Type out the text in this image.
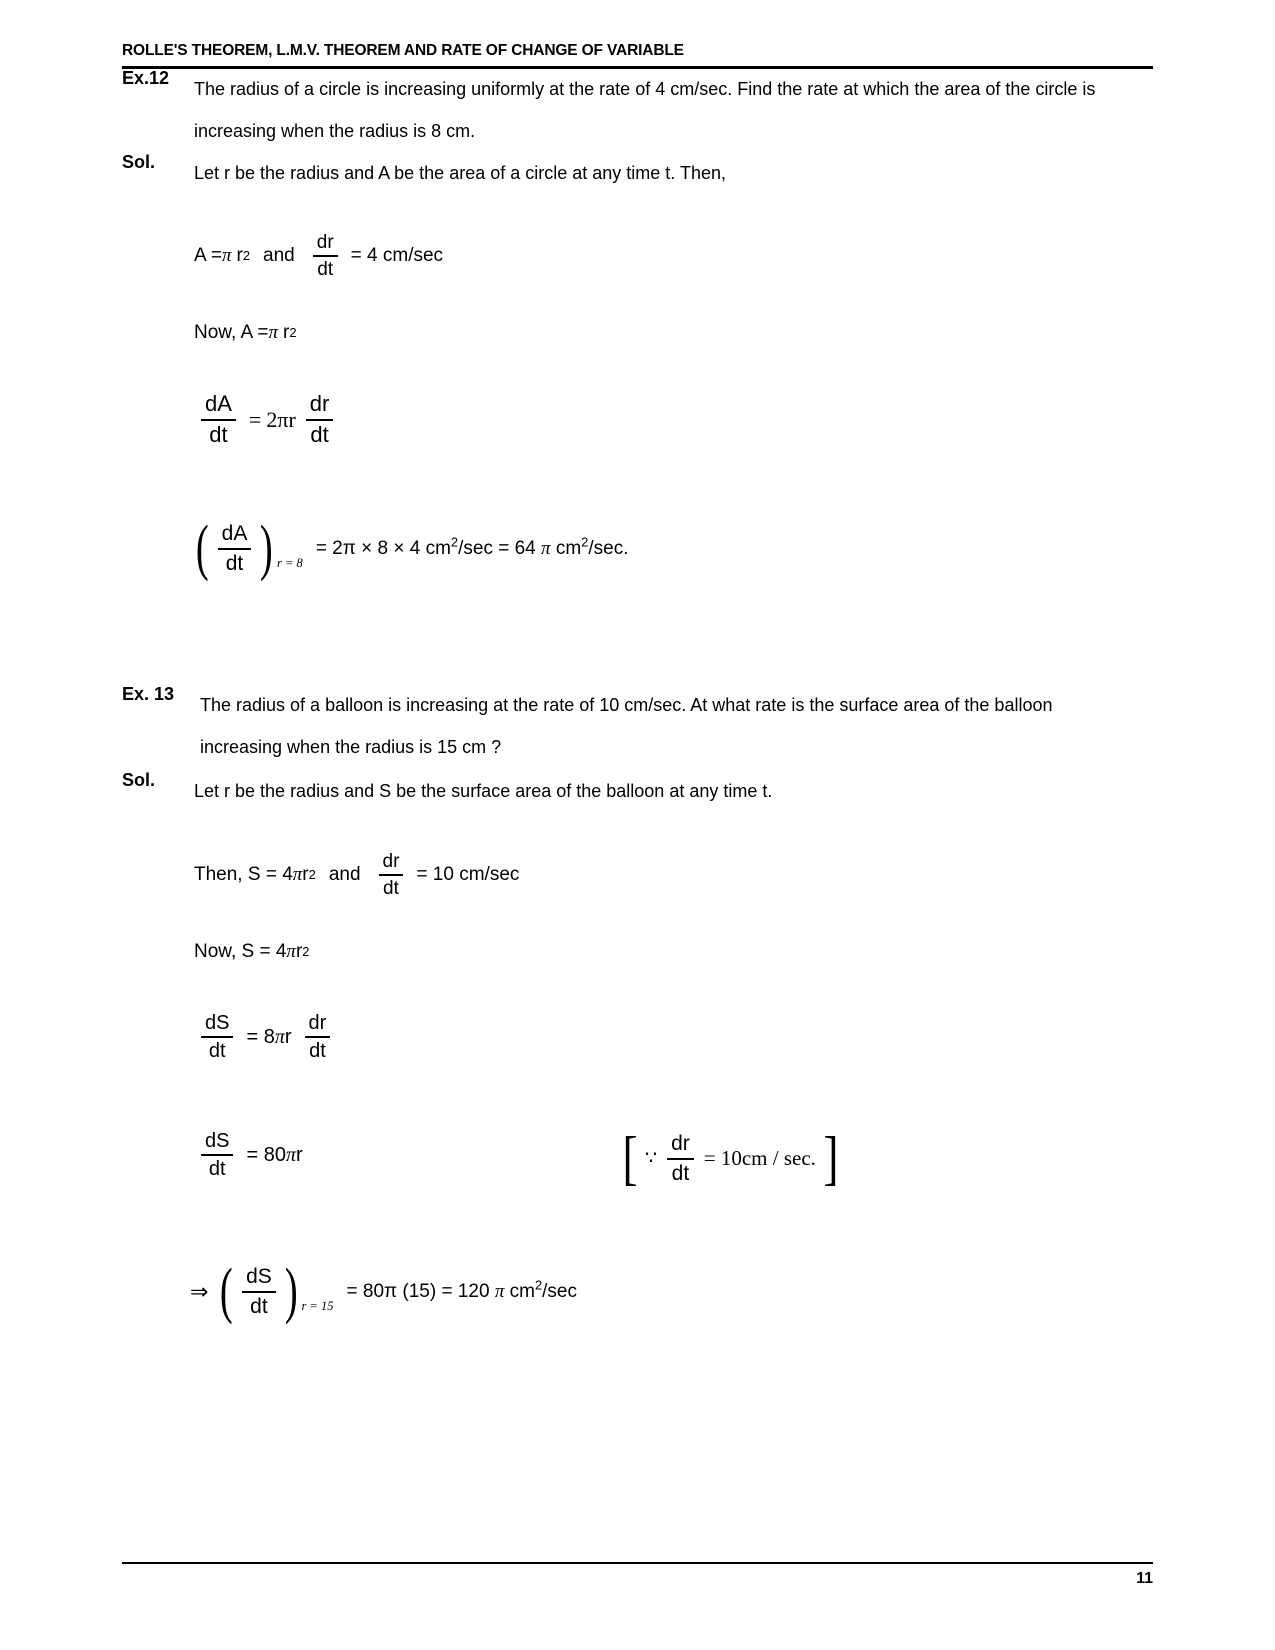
ROLLE'S THEOREM, L.M.V. THEOREM AND RATE OF CHANGE OF VARIABLE
Ex.12
The radius of a circle is increasing uniformly at the rate of 4 cm/sec. Find the rate at which the area of the circle is increasing when the radius is 8 cm.
Sol.
Let r be the radius and A be the area of a circle at any time t. Then,
A = π r 2 and $\frac{dr}{dt} = 4$ cm/sec
Now, A = π r 2
$\frac{dA}{dt} = 2\pi r \frac{dr}{dt}$
( $\frac{dA}{dt}$ ) r = 8
= 2π × 8 × 4 $cm^2/\sec = 64$ π $cm^2/\sec$.
Ex. 13
The radius of a balloon is increasing at the rate of 10 cm/sec. At what rate is the surface area of the balloon increasing when the radius is 15 cm ?
Sol.
Let r be the radius and S be the surface area of the balloon at any time t.
Then, S = 4 π r 2 and $\frac{dr}{dt} = 10$ cm/sec
Now, S = 4 π r 2
$\frac{dS}{dt} = 8$ π r $\frac{dr}{dt}$
$\frac{dS}{dt} = 80$ π r	[ ∵ $\frac{dr}{dt} = 10cm / \sec$. ]
⇒ ( $\frac{dS}{dt}$ ) r = 15
= 80π (15) = 120 π $cm^2/\sec$
11
